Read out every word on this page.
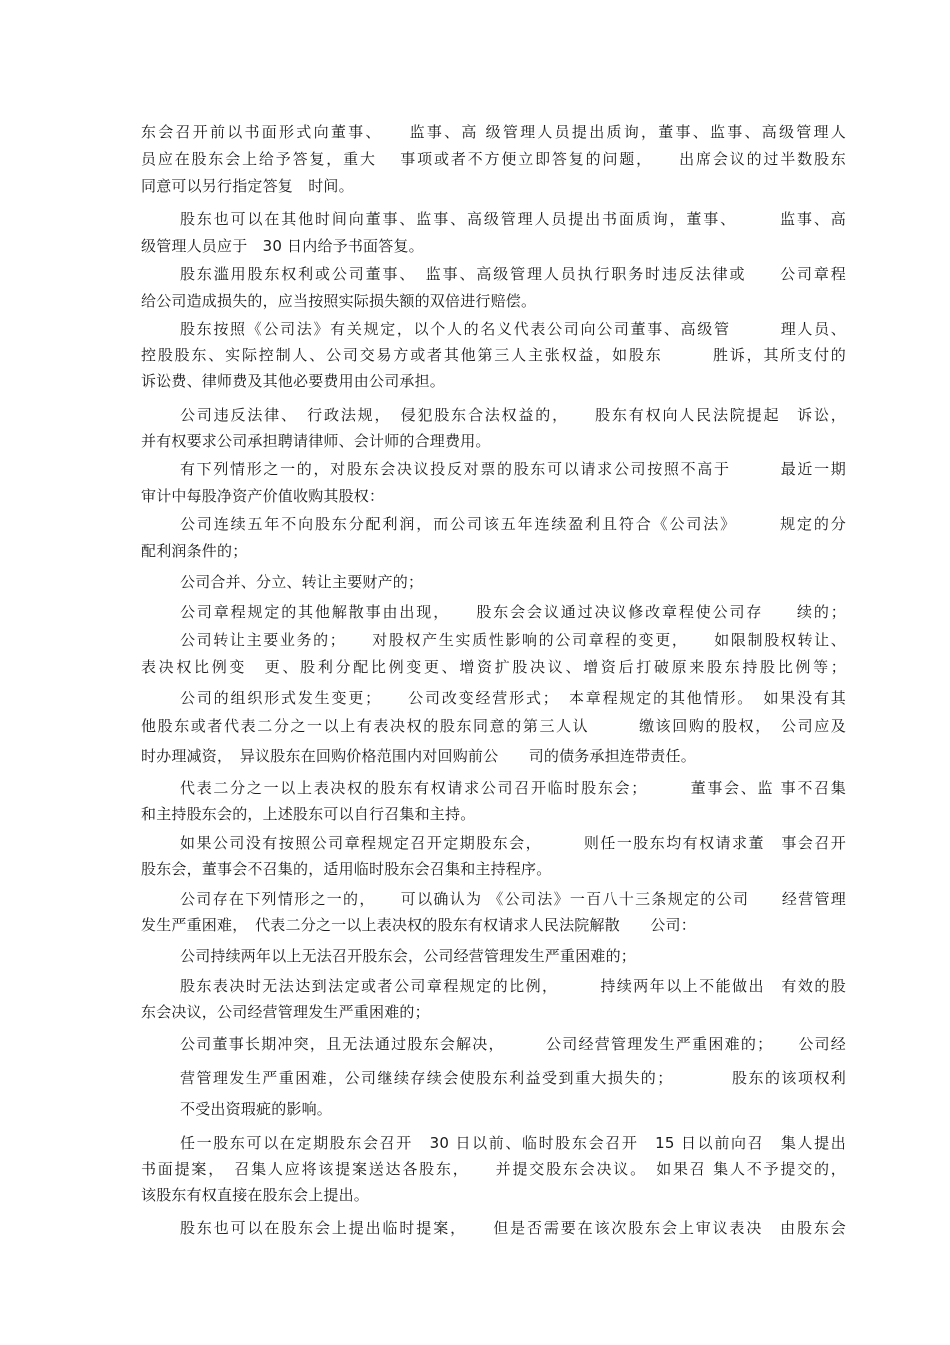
东会召开前以书面形式向董事、　　监事、高 级管理人员提出质询，董事、监事、高级管理人
员应在股东会上给予答复，重大　 事项或者不方便立即答复的问题，　　出席会议的过半数股东
同意可以另行指定答复　时间。
股东也可以在其他时间向董事、监事、高级管理人员提出书面质询，董事、　　　监事、高
级管理人员应于　30 日内给予书面答复。
股东滥用股东权利或公司董事、　监事、高级管理人员执行职务时违反法律或　　公司章程
给公司造成损失的，应当按照实际损失额的双倍进行赔偿。
股东按照《公司法》有关规定，以个人的名义代表公司向公司董事、高级管　　　理人员、
控股股东、实际控制人、公司交易方或者其他第三人主张权益，如股东　　　胜诉，其所支付的
诉讼费、律师费及其他必要费用由公司承担。
公司违反法律、　行政法规，　侵犯股东合法权益的，　　股东有权向人民法院提起　诉讼，
并有权要求公司承担聘请律师、会计师的合理费用。
有下列情形之一的，对股东会决议投反对票的股东可以请求公司按照不高于　　　最近一期
审计中每股净资产价值收购其股权：
公司连续五年不向股东分配利润，而公司该五年连续盈利且符合《公司法》　　　规定的分
配利润条件的；
公司合并、分立、转让主要财产的；
公司章程规定的其他解散事由出现，　　股东会会议通过决议修改章程使公司存　　续的；
公司转让主要业务的；　　对股权产生实质性影响的公司章程的变更，　　如限制股权转让、
表决权比例变　更、股利分配比例变更、增资扩股决议、增资后打破原来股东持股比例等；
公司的组织形式发生变更；　　公司改变经营形式；　本章程规定的其他情形。　如果没有其
他股东或者代表二分之一以上有表决权的股东同意的第三人认　　　缴该回购的股权，　公司应及
时办理减资，　异议股东在回购价格范围内对回购前公　　司的债务承担连带责任。
代表二分之一以上表决权的股东有权请求公司召开临时股东会；　　　董事会、监 事不召集
和主持股东会的，上述股东可以自行召集和主持。
如果公司没有按照公司章程规定召开定期股东会，　　　则任一股东均有权请求董　事会召开
股东会，董事会不召集的，适用临时股东会召集和主持程序。
公司存在下列情形之一的，　　可以确认为 《公司法》一百八十三条规定的公司　　经营管理
发生严重困难，　代表二分之一以上表决权的股东有权请求人民法院解散　　公司：
公司持续两年以上无法召开股东会，公司经营管理发生严重困难的；
股东表决时无法达到法定或者公司章程规定的比例，　　　持续两年以上不能做出　有效的股
东会决议，公司经营管理发生严重困难的；
公司董事长期冲突，且无法通过股东会解决，　　　公司经营管理发生严重困难的；　　公司经
营管理发生严重困难，公司继续存续会使股东利益受到重大损失的；　　　　股东的该项权利
不受出资瑕疵的影响。
任一股东可以在定期股东会召开　30 日以前、临时股东会召开　15 日以前向召　集人提出
书面提案，　召集人应将该提案送达各股东，　　并提交股东会决议。　如果召 集人不予提交的，
该股东有权直接在股东会上提出。
股东也可以在股东会上提出临时提案，　　但是否需要在该次股东会上审议表决　由股东会
